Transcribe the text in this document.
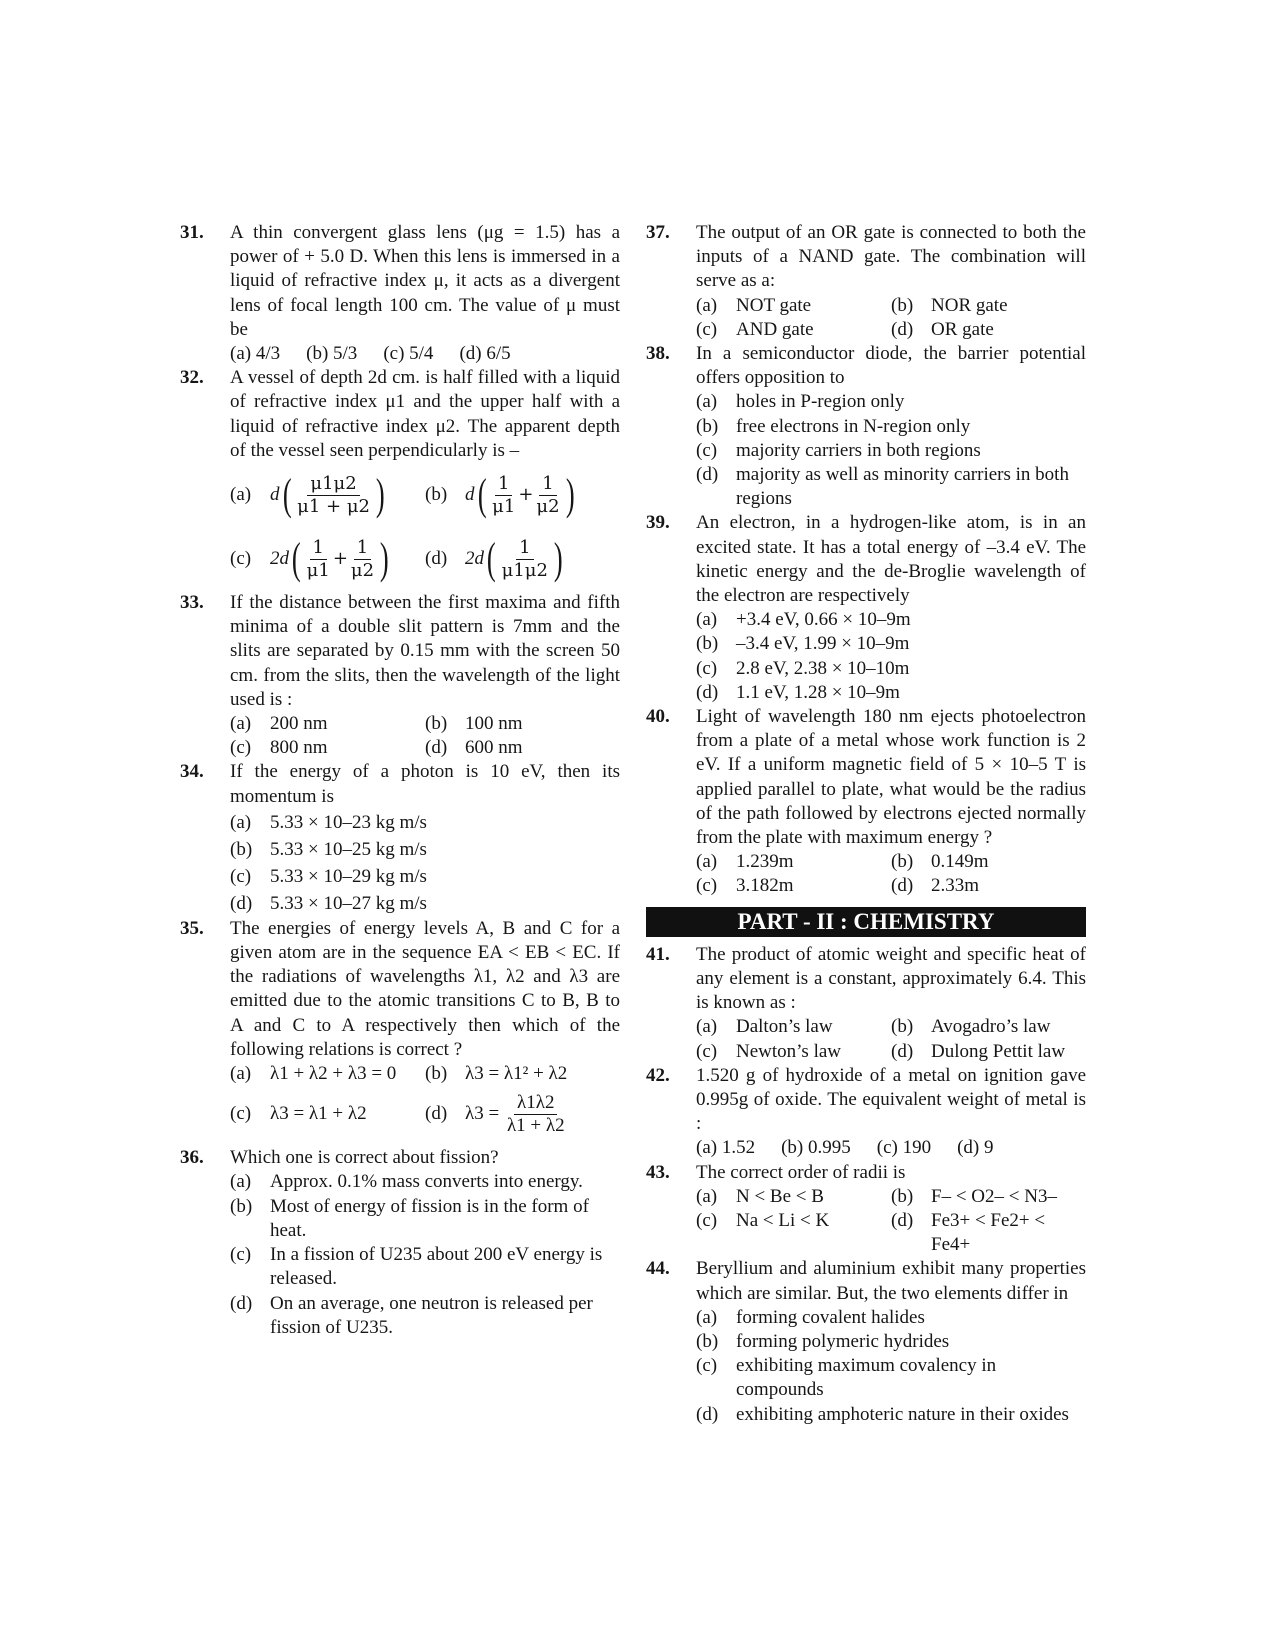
31. A thin convergent glass lens (μg = 1.5) has a power of + 5.0 D. When this lens is immersed in a liquid of refractive index μ, it acts as a divergent lens of focal length 100 cm. The value of μ must be

(a) 4/3 (b) 5/3 (c) 5/4 (d) 6/5
32. A vessel of depth 2d cm. is half filled with a liquid of refractive index μ1 and the upper half with a liquid of refractive index μ2. The apparent depth of the vessel seen perpendicularly is –

(a) d ( $\frac{\mu 1\mu 2}{\mu 1 + \mu 2}$ ) (b) d ( $\frac{1}{\mu 1} + \frac{1}{\mu 2}$ )
(c) 2d ( $\frac{1}{\mu 1} + \frac{1}{\mu 2}$ ) (d) 2d ( $\frac{1}{\mu 1\mu 2}$ )
33. If the distance between the first maxima and fifth minima of a double slit pattern is 7mm and the slits are separated by 0.15 mm with the screen 50 cm. from the slits, then the wavelength of the light used is :

(a) 200 nm	(b) 100 nm
(c) 800 nm	(d) 600 nm
34. If the energy of a photon is 10 eV, then its momentum is

(a) 5.33 × 10–23 kg m/s
(b) 5.33 × 10–25 kg m/s
(c) 5.33 × 10–29 kg m/s
(d) 5.33 × 10–27 kg m/s
35. The energies of energy levels A, B and C for a given atom are in the sequence EA < EB < EC. If the radiations of wavelengths λ1, λ2 and λ3 are emitted due to the atomic transitions C to B, B to A and C to A respectively then which of the following relations is correct ?

(a) λ1 + λ2 + λ3 = 0	(b) λ3 = λ1² + λ2
(c) λ3 = λ1 + λ2	(d) λ3 =
$\frac{\lambda 1\lambda 2}{\lambda 1 + \lambda 2}$
36. Which one is correct about fission?

(a) Approx. 0.1% mass converts into energy.
(b) Most of energy of fission is in the form of heat.
(c) In a fission of U235 about 200 eV energy is released.
(d) On an average, one neutron is released per fission of U235.
37. The output of an OR gate is connected to both the inputs of a NAND gate. The combination will serve as a:

(a) NOT gate	(b) NOR gate
(c) AND gate	(d) OR gate
38. In a semiconductor diode, the barrier potential offers opposition to

(a) holes in P-region only
(b) free electrons in N-region only
(c) majority carriers in both regions
(d) majority as well as minority carriers in both regions
39. An electron, in a hydrogen-like atom, is in an excited state. It has a total energy of –3.4 eV. The kinetic energy and the de-Broglie wavelength of the electron are respectively

(a) +3.4 eV, 0.66 × 10–9m
(b) –3.4 eV, 1.99 × 10–9m
(c) 2.8 eV, 2.38 × 10–10m
(d) 1.1 eV, 1.28 × 10–9m
40. Light of wavelength 180 nm ejects photoelectron from a plate of a metal whose work function is 2 eV. If a uniform magnetic field of 5 × 10–5 T is applied parallel to plate, what would be the radius of the path followed by electrons ejected normally from the plate with maximum energy ?

(a) 1.239m	(b) 0.149m
(c) 3.182m	(d) 2.33m
PART - II : CHEMISTRY
41. The product of atomic weight and specific heat of any element is a constant, approximately 6.4. This is known as :

(a) Dalton’s law	(b) Avogadro’s law
(c) Newton’s law	(d) Dulong Pettit law
42. 1.520 g of hydroxide of a metal on ignition gave 0.995g of oxide. The equivalent weight of metal is :

(a) 1.52 (b) 0.995 (c) 190 (d) 9
43. The correct order of radii is

(a) N < Be < B	(b) F– < O2– < N3–
(c) Na < Li < K	(d) Fe3+ < Fe2+ < Fe4+
44. Beryllium and aluminium exhibit many properties which are similar. But, the two elements differ in

(a) forming covalent halides
(b) forming polymeric hydrides
(c) exhibiting maximum covalency in compounds
(d) exhibiting amphoteric nature in their oxides
